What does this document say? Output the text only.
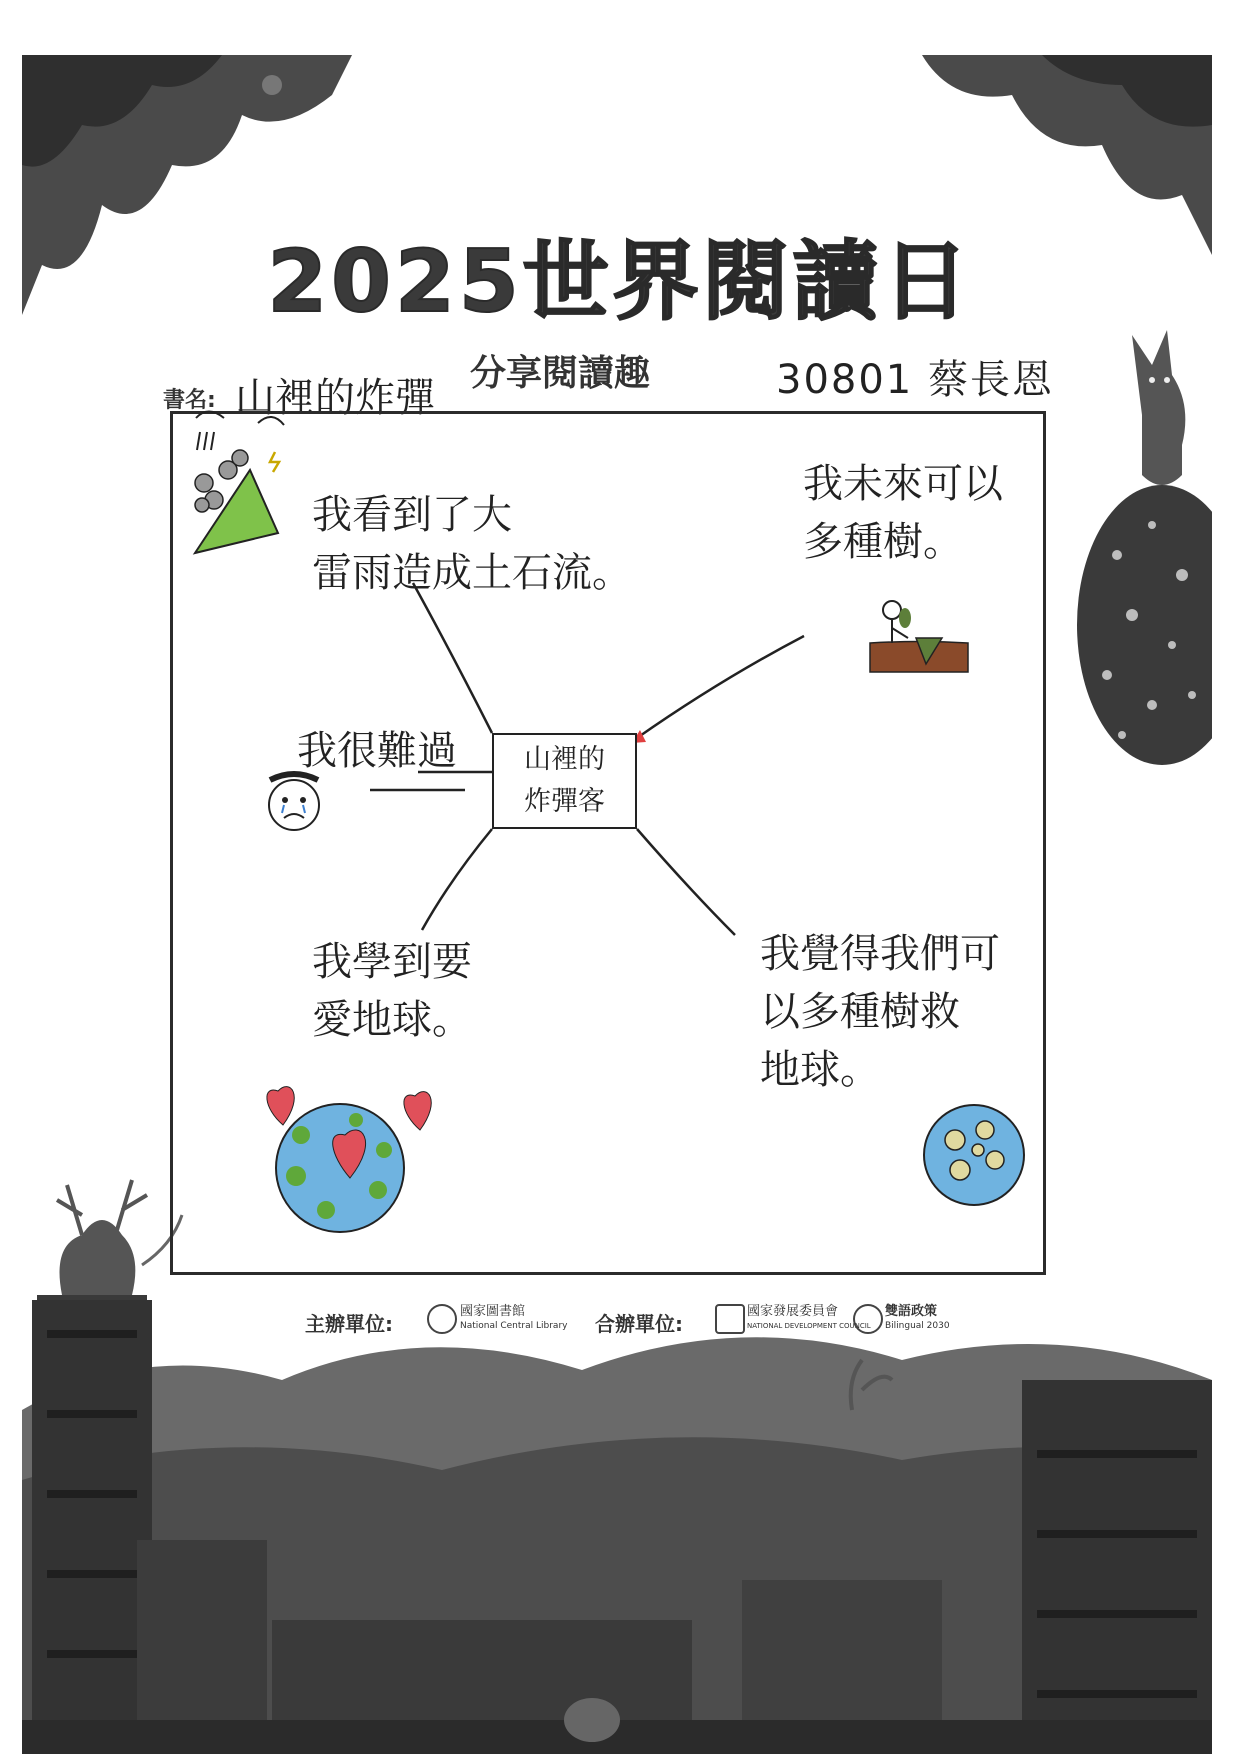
2025世界閱讀日
分享閱讀趣
書名: 山裡的炸彈	30801 蔡長恩
山裡的
炸彈客
我看到了大
雷雨造成土石流。
我未來可以
多種樹。
我很難過
我學到要
愛地球。
我覺得我們可
以多種樹救
地球。
主辦單位:
國家圖書館
National Central Library 合辦單位:
國家發展委員會
NATIONAL DEVELOPMENT COUNCIL
雙語政策
Bilingual 2030
